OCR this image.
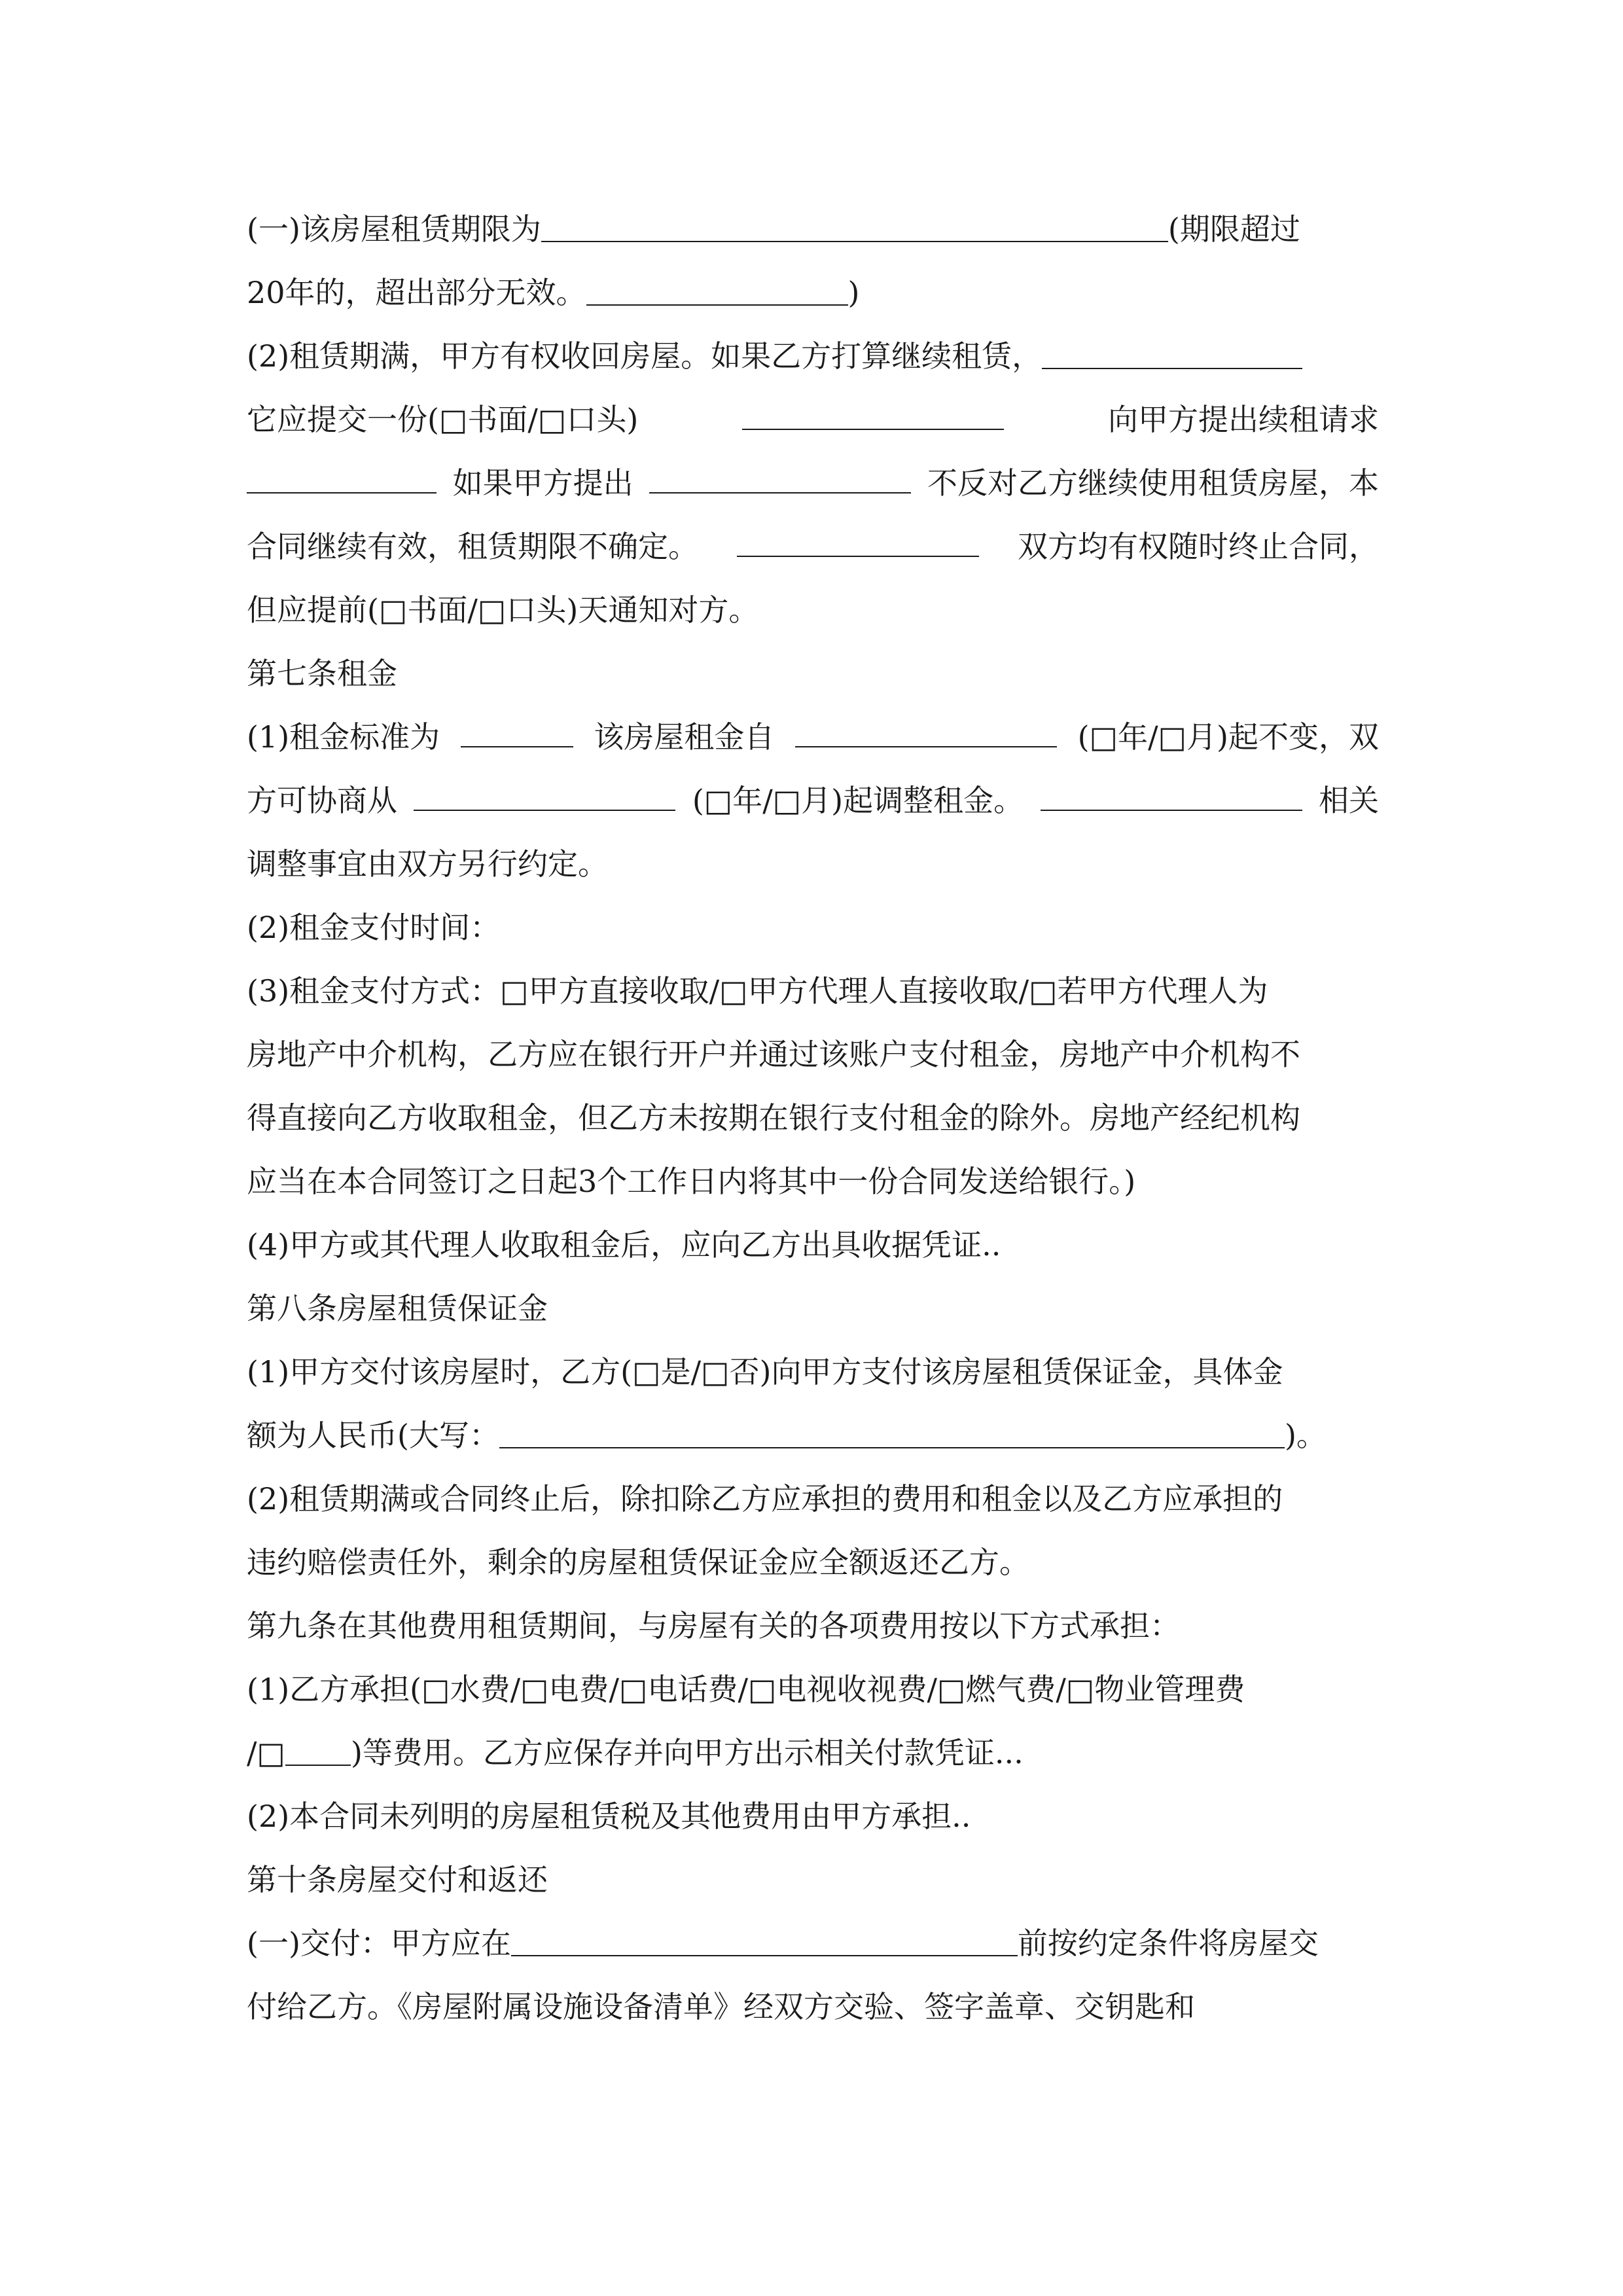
(一)该房屋租赁期限为	(期限超过
20年的，超出部分无效。	)
(2)租赁期满，甲方有权收回房屋。如果乙方打算继续租赁，
它应提交一份(□书面/□口头)	向甲方提出续租请求
如果甲方提出	不反对乙方继续使用租赁房屋，本
合同继续有效，租赁期限不确定。	双方均有权随时终止合同，
但应提前(□书面/□口头)天通知对方。
第七条租金
(1)租金标准为	该房屋租金自	(□年/□月)起不变，双
方可协商从	(□年/□月)起调整租金。	相关
调整事宜由双方另行约定。
(2)租金支付时间：
(3)租金支付方式：□甲方直接收取/□甲方代理人直接收取/□若甲方代理人为
房地产中介机构，乙方应在银行开户并通过该账户支付租金，房地产中介机构不
得直接向乙方收取租金，但乙方未按期在银行支付租金的除外。房地产经纪机构
应当在本合同签订之日起3个工作日内将其中一份合同发送给银行。)
(4)甲方或其代理人收取租金后，应向乙方出具收据凭证..
第八条房屋租赁保证金
(1)甲方交付该房屋时，乙方(□是/□否)向甲方支付该房屋租赁保证金，具体金
额为人民币(大写：	)。
(2)租赁期满或合同终止后，除扣除乙方应承担的费用和租金以及乙方应承担的
违约赔偿责任外，剩余的房屋租赁保证金应全额返还乙方。
第九条在其他费用租赁期间，与房屋有关的各项费用按以下方式承担：
(1)乙方承担(□水费/□电费/□电话费/□电视收视费/□燃气费/□物业管理费
/□ )等费用。乙方应保存并向甲方出示相关付款凭证...
(2)本合同未列明的房屋租赁税及其他费用由甲方承担..
第十条房屋交付和返还
(一)交付：甲方应在	前按约定条件将房屋交
付给乙方。《房屋附属设施设备清单》经双方交验、签字盖章、交钥匙和
